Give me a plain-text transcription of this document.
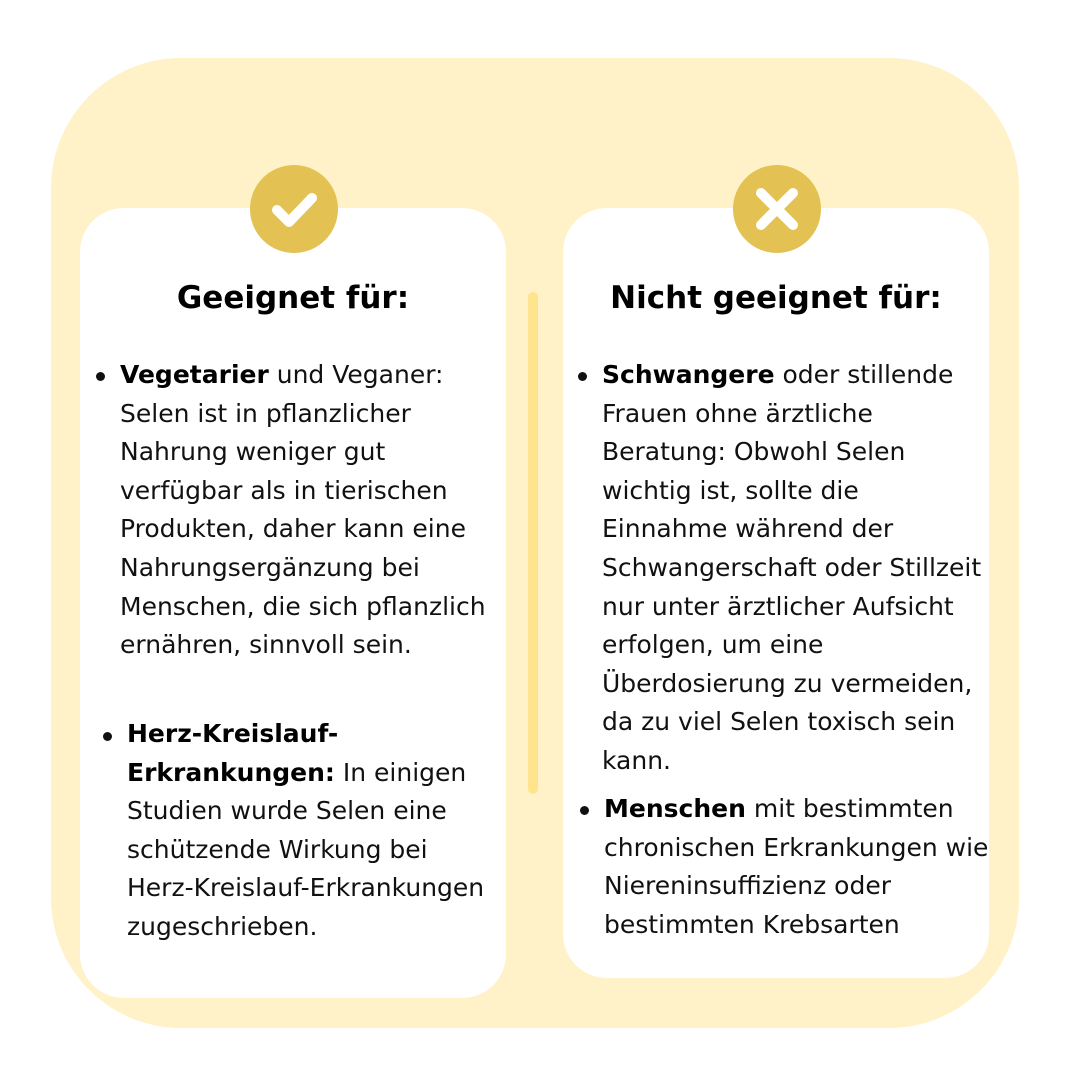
Geeignet für:	Nicht geeignet für:

Vegetarier und Veganer: Selen ist in pflanzlicher Nahrung weniger gut verfügbar als in tierischen Produkten, daher kann eine Nahrungsergänzung bei Menschen, die sich pflanzlich ernähren, sinnvoll sein.

Herz-Kreislauf-Erkrankungen: In einigen Studien wurde Selen eine schützende Wirkung bei Herz-Kreislauf-Erkrankungen zugeschrieben.

Schwangere oder stillende Frauen ohne ärztliche Beratung: Obwohl Selen wichtig ist, sollte die Einnahme während der Schwangerschaft oder Stillzeit nur unter ärztlicher Aufsicht erfolgen, um eine Überdosierung zu vermeiden, da zu viel Selen toxisch sein kann.

Menschen mit bestimmten chronischen Erkrankungen wie Niereninsuffizienz oder bestimmten Krebsarten
